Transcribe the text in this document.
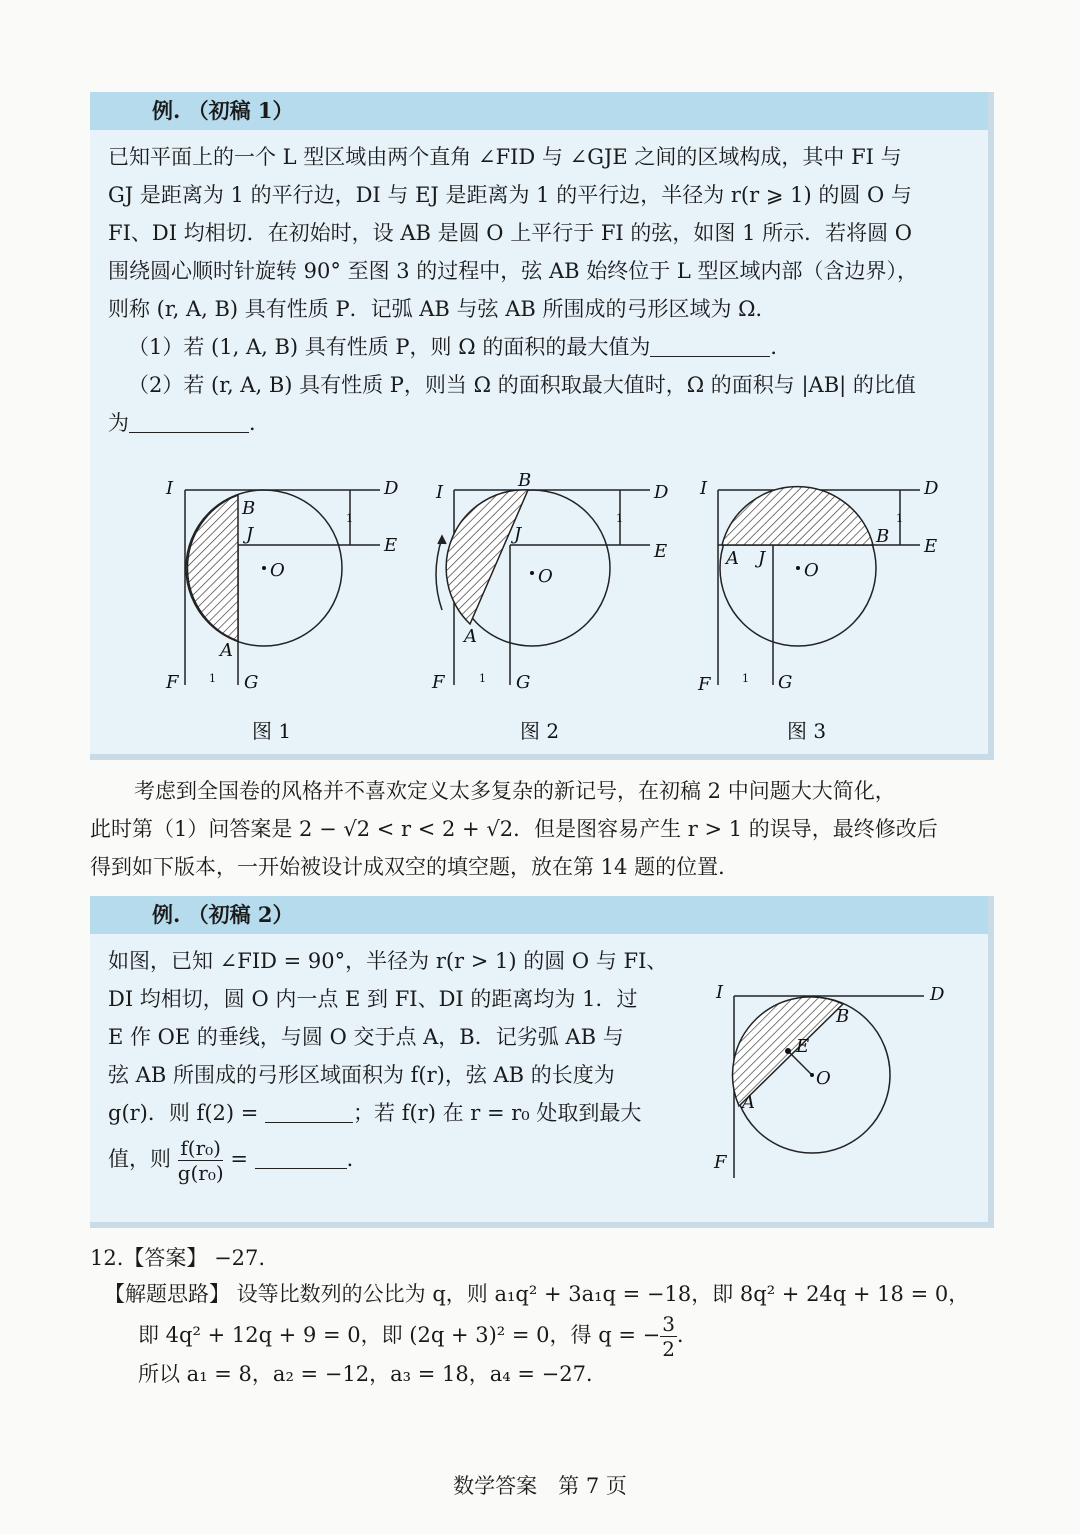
例. （初稿 1）
已知平面上的一个 L 型区域由两个直角 ∠FID 与 ∠GJE 之间的区域构成，其中 FI 与
GJ 是距离为 1 的平行边，DI 与 EJ 是距离为 1 的平行边，半径为 r(r ⩾ 1) 的圆 O 与
FI、DI 均相切．在初始时，设 AB 是圆 O 上平行于 FI 的弦，如图 1 所示．若将圆 O
围绕圆心顺时针旋转 90° 至图 3 的过程中，弦 AB 始终位于 L 型区域内部（含边界），
则称 (r, A, B) 具有性质 P．记弧 AB 与弦 AB 所围成的弓形区域为 Ω．
（1）若 (1, A, B) 具有性质 P，则 Ω 的面积的最大值为	．
（2）若 (r, A, B) 具有性质 P，则当 Ω 的面积取最大值时，Ω 的面积与 |AB| 的比值
为	．
I	D
E
B
J
O
A
F	G
I
B
D
J
E
O
A
F	G
I	D
B E
A J
O
F	G
1
1
1
1
1
1
图 1	图 2	图 3
考虑到全国卷的风格并不喜欢定义太多复杂的新记号，在初稿 2 中问题大大简化，
此时第（1）问答案是 2 − √2 < r < 2 + √2．但是图容易产生 r > 1 的误导，最终修改后
得到如下版本，一开始被设计成双空的填空题，放在第 14 题的位置．
例. （初稿 2）
如图，已知 ∠FID = 90°，半径为 r(r > 1) 的圆 O 与 FI、
DI 均相切，圆 O 内一点 E 到 FI、DI 的距离均为 1．过
E 作 OE 的垂线，与圆 O 交于点 A，B．记劣弧 AB 与
弦 AB 所围成的弓形区域面积为 f(r)，弦 AB 的长度为
g(r)．则 f(2) =	；若 f(r) 在 r = r₀ 处取到最大
值，则 $\frac{\text{f(r₀)}}{\text{g(r₀)}}$ =	．
I	D
B
E
O
A
F
12.【答案】 −27.
【解题思路】 设等比数列的公比为 q，则 a₁q² + 3a₁q = −18，即 8q² + 24q + 18 = 0，
即 4q² + 12q + 9 = 0，即 (2q + 3)² = 0，得 q = − $\frac{3}{2}$ .
所以 a₁ = 8，a₂ = −12，a₃ = 18，a₄ = −27.
数学答案　第 7 页
